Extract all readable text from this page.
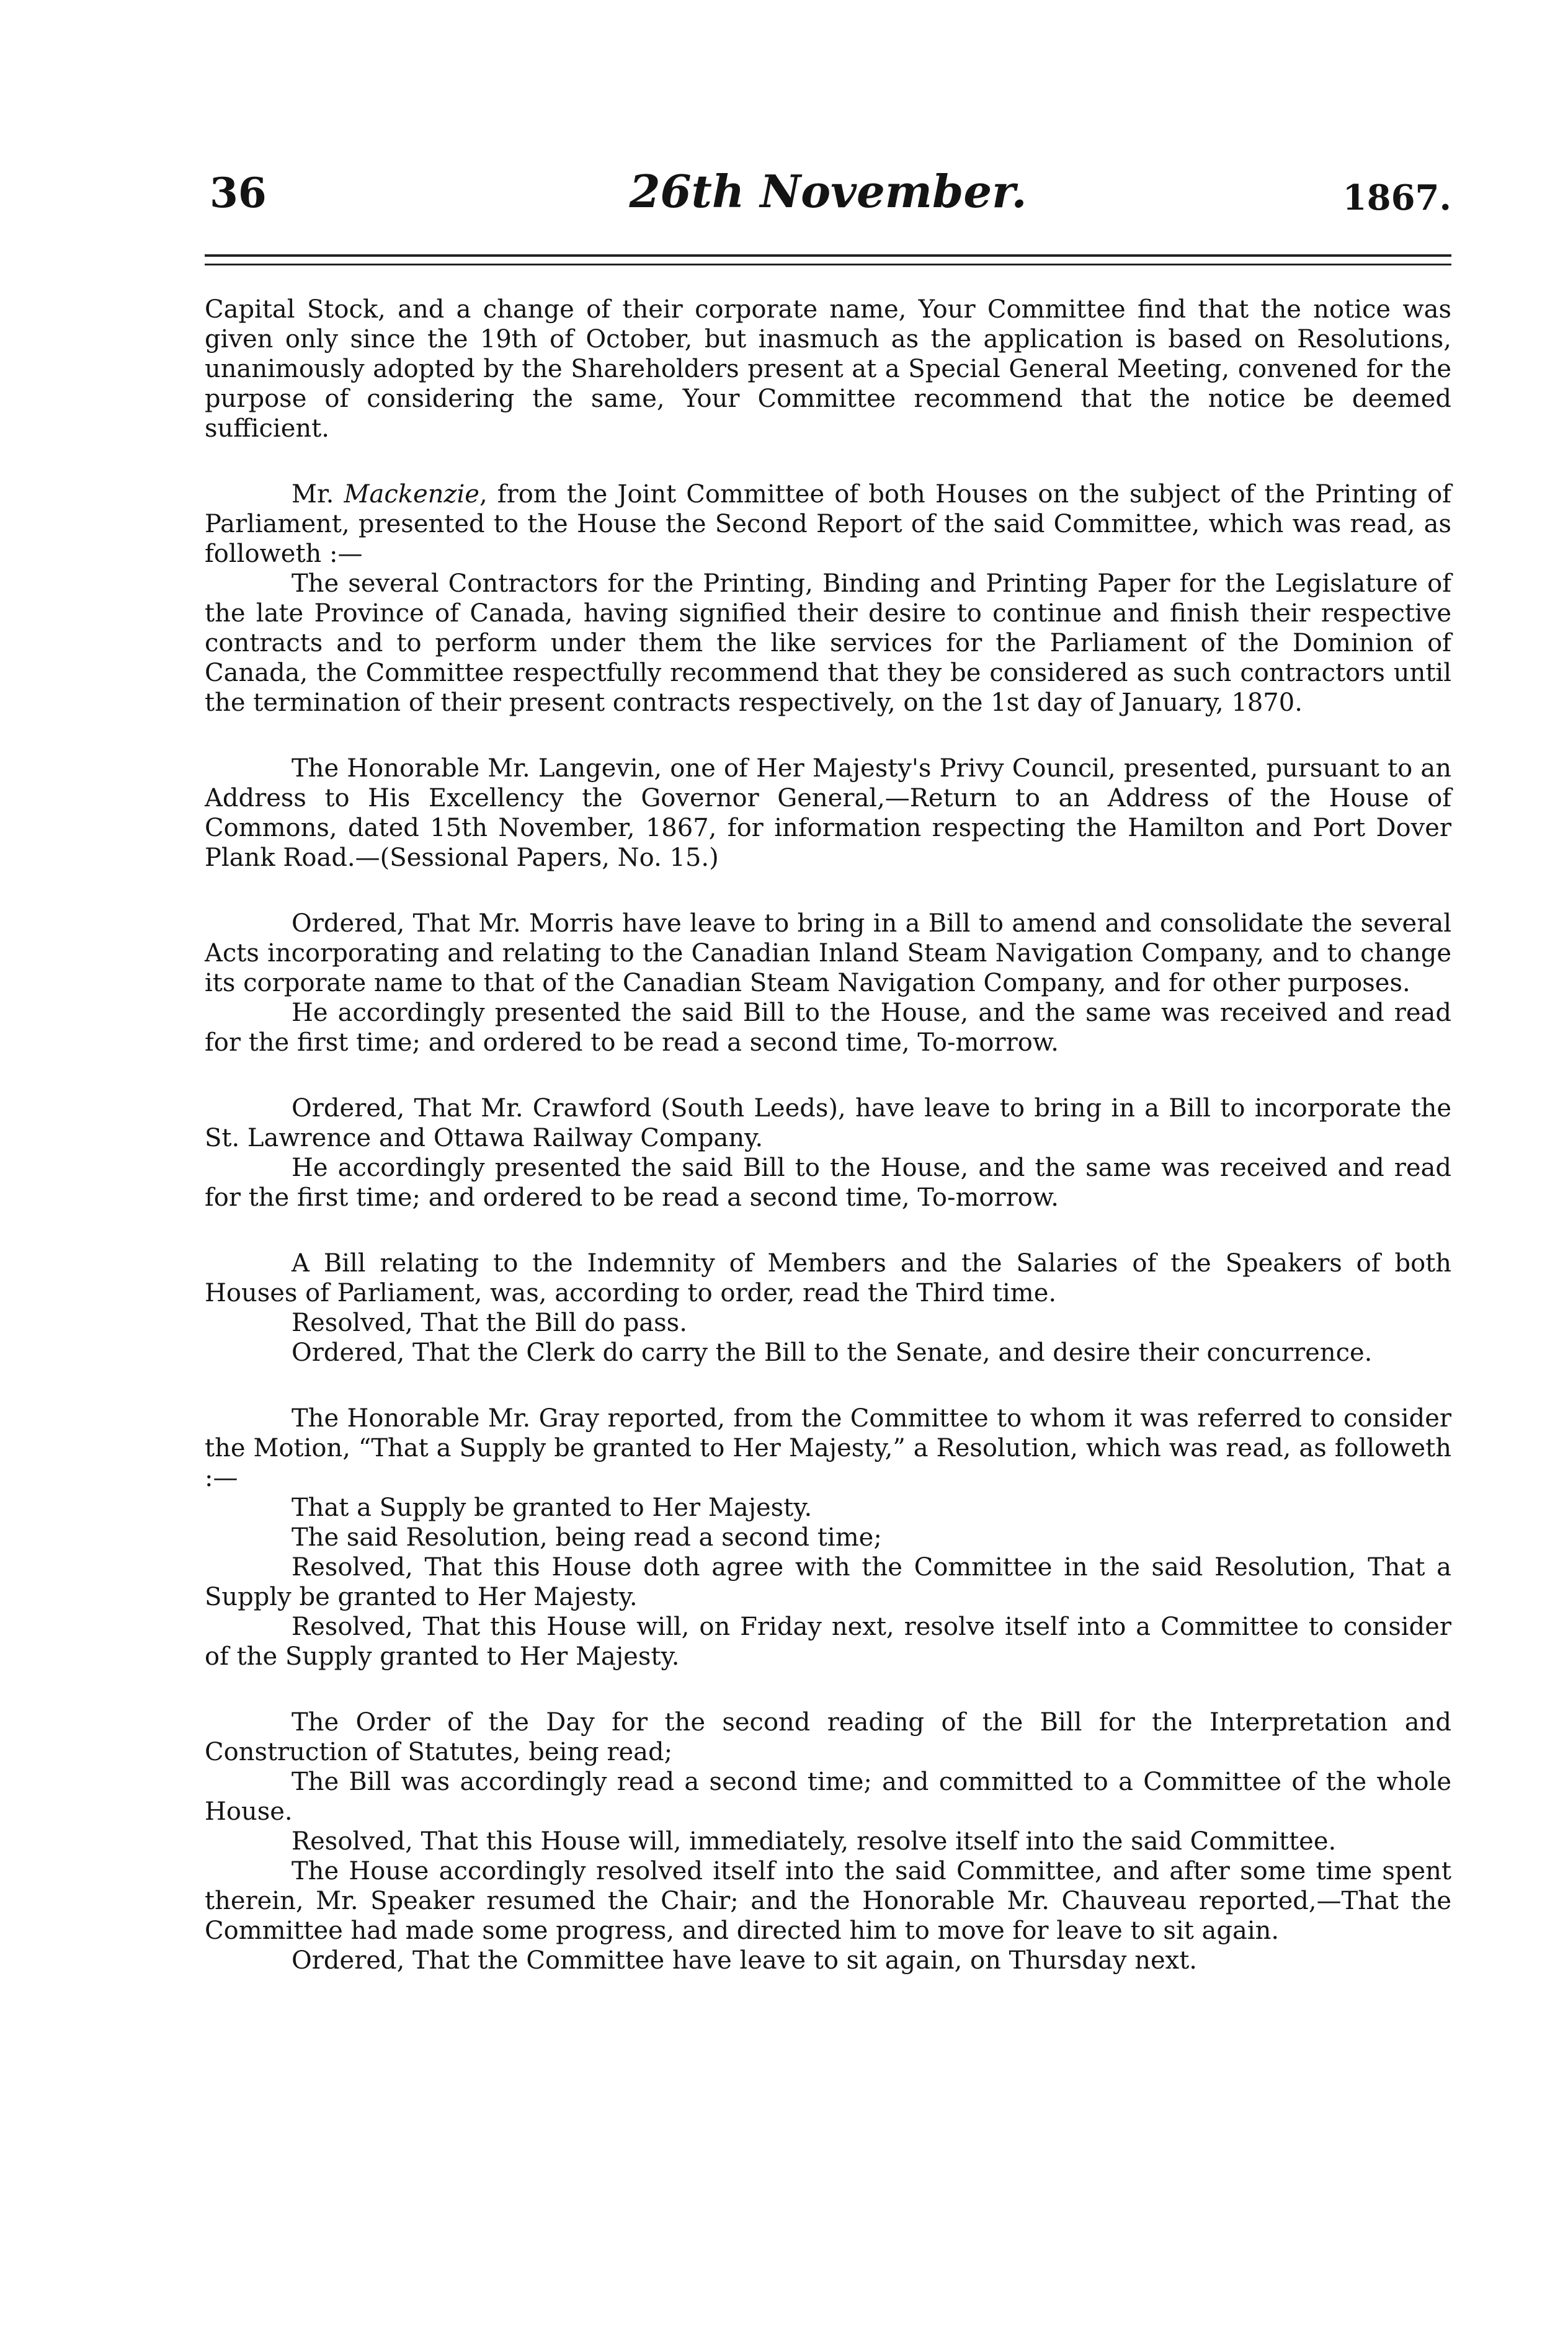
36	26th November.	1867.

Capital Stock, and a change of their corporate name, Your Committee find that the notice was given only since the 19th of October, but inasmuch as the application is based on Resolutions, unanimously adopted by the Shareholders present at a Special General Meeting, convened for the purpose of considering the same, Your Committee recommend that the notice be deemed sufficient.

Mr. Mackenzie, from the Joint Committee of both Houses on the subject of the Printing of Parliament, presented to the House the Second Report of the said Committee, which was read, as followeth :—

The several Contractors for the Printing, Binding and Printing Paper for the Legislature of the late Province of Canada, having signified their desire to continue and finish their respective contracts and to perform under them the like services for the Parliament of the Dominion of Canada, the Committee respectfully recommend that they be considered as such contractors until the termination of their present contracts respectively, on the 1st day of January, 1870.

The Honorable Mr. Langevin, one of Her Majesty's Privy Council, presented, pursuant to an Address to His Excellency the Governor General,—Return to an Address of the House of Commons, dated 15th November, 1867, for information respecting the Hamilton and Port Dover Plank Road.—(Sessional Papers, No. 15.)

Ordered, That Mr. Morris have leave to bring in a Bill to amend and consolidate the several Acts incorporating and relating to the Canadian Inland Steam Navigation Company, and to change its corporate name to that of the Canadian Steam Navigation Company, and for other purposes.

He accordingly presented the said Bill to the House, and the same was received and read for the first time; and ordered to be read a second time, To-morrow.

Ordered, That Mr. Crawford (South Leeds), have leave to bring in a Bill to incorporate the St. Lawrence and Ottawa Railway Company.

He accordingly presented the said Bill to the House, and the same was received and read for the first time; and ordered to be read a second time, To-morrow.

A Bill relating to the Indemnity of Members and the Salaries of the Speakers of both Houses of Parliament, was, according to order, read the Third time.

Resolved, That the Bill do pass.

Ordered, That the Clerk do carry the Bill to the Senate, and desire their concurrence.

The Honorable Mr. Gray reported, from the Committee to whom it was referred to consider the Motion, “That a Supply be granted to Her Majesty,” a Resolution, which was read, as followeth :—

That a Supply be granted to Her Majesty.

The said Resolution, being read a second time;

Resolved, That this House doth agree with the Committee in the said Resolution, That a Supply be granted to Her Majesty.

Resolved, That this House will, on Friday next, resolve itself into a Committee to consider of the Supply granted to Her Majesty.

The Order of the Day for the second reading of the Bill for the Interpretation and Construction of Statutes, being read;

The Bill was accordingly read a second time; and committed to a Committee of the whole House.

Resolved, That this House will, immediately, resolve itself into the said Committee.

The House accordingly resolved itself into the said Committee, and after some time spent therein, Mr. Speaker resumed the Chair; and the Honorable Mr. Chauveau reported,—That the Committee had made some progress, and directed him to move for leave to sit again.

Ordered, That the Committee have leave to sit again, on Thursday next.
